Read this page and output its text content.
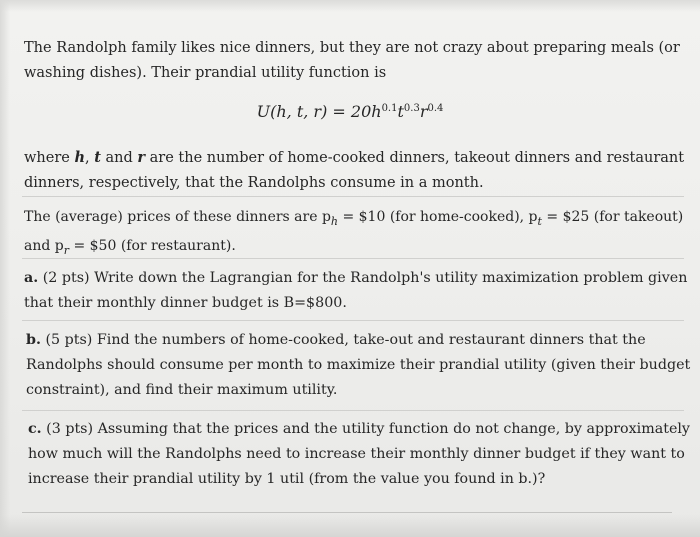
The Randolph family likes nice dinners, but they are not crazy about preparing meals (or
washing dishes). Their prandial utility function is
U(h, t, $r) = 20h^{0.1}t^{0.3}r^{0.4}$
where h, t and r are the number of home-cooked dinners, takeout dinners and restaurant
dinners, respectively, that the Randolphs consume in a month.
The (average) prices of these dinners are $p_h$ = $10 (for home-cooked), $p_t$ = $25 (for takeout)
and $p_r$ = $50 (for restaurant).
a. (2 pts) Write down the Lagrangian for the Randolph's utility maximization problem given
that their monthly dinner budget is B=$800.
b. (5 pts) Find the numbers of home-cooked, take-out and restaurant dinners that the
Randolphs should consume per month to maximize their prandial utility (given their budget
constraint), and find their maximum utility.
c. (3 pts) Assuming that the prices and the utility function do not change, by approximately
how much will the Randolphs need to increase their monthly dinner budget if they want to
increase their prandial utility by 1 util (from the value you found in b.)?
